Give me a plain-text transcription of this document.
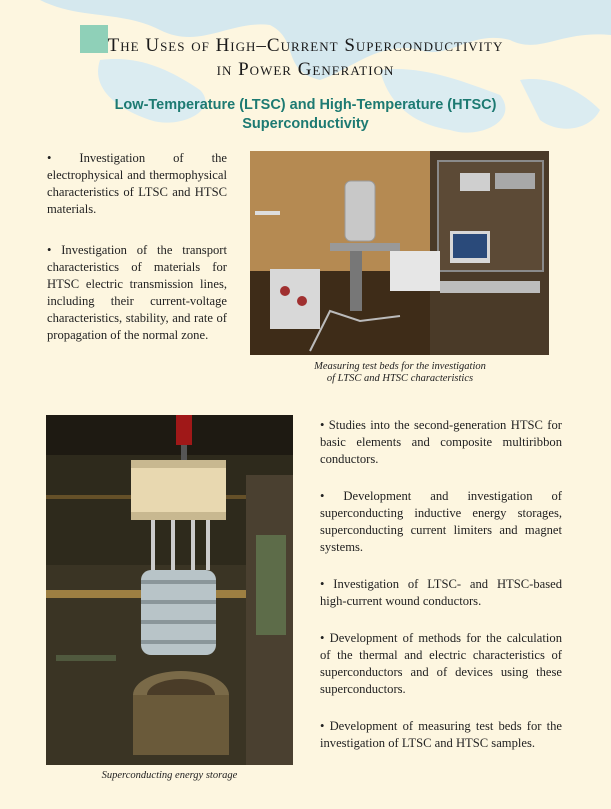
The Uses of High–Current Superconductivity
in Power Generation
Low-Temperature (LTSC) and High-Temperature (HTSC)
Superconductivity

• Investigation of the electrophysical and thermophysical characteristics of LTSC and HTSC materials.

• Investigation of the transport characteristics of materials for HTSC electric transmission lines, including their current-voltage characteristics, stability, and rate of propagation of the normal zone.

Measuring test beds for the investigation
of LTSC and HTSC characteristics
Superconducting energy storage

• Studies into the second-generation HTSC for basic elements and composite multiribbon conductors.

• Development and investigation of superconducting inductive energy storages, superconducting current limiters and magnet systems.

• Investigation of LTSC- and HTSC-based high-current wound conductors.

• Development of methods for the calculation of the thermal and electric characteristics of superconductors and of devices using these superconductors.

• Development of measuring test beds for the investigation of LTSC and HTSC samples.
